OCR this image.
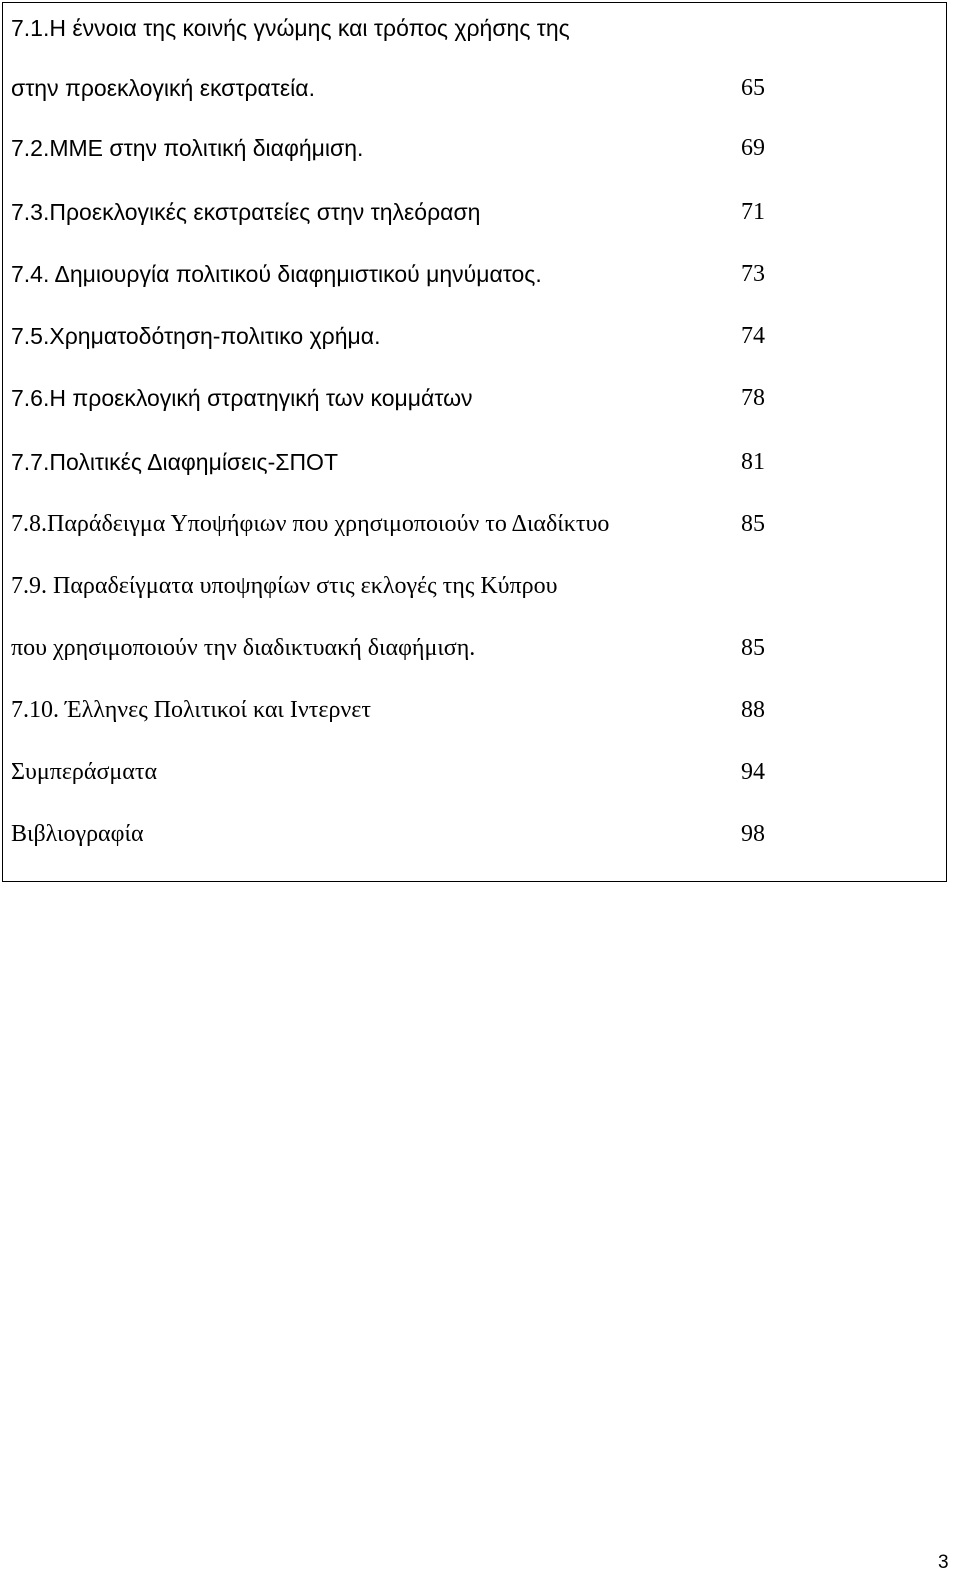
7.1.Η έννοια της κοινής γνώμης και τρόπος χρήσης της
στην προεκλογική εκστρατεία.	65
7.2.ΜΜΕ στην πολιτική διαφήμιση.	69
7.3.Προεκλογικές εκστρατείες στην τηλεόραση	71
7.4. Δημιουργία πολιτικού διαφημιστικού μηνύματος.	73
7.5.Χρηματοδότηση-πολιτικο χρήμα.	74
7.6.Η προεκλογική στρατηγική των κομμάτων	78
7.7.Πολιτικές Διαφημίσεις-ΣΠΟΤ	81
7.8.Παράδειγμα Υποψήφιων που χρησιμοποιούν το Διαδίκτυο	85
7.9. Παραδείγματα υποψηφίων στις εκλογές της Κύπρου
που χρησιμοποιούν την διαδικτυακή διαφήμιση.	85
7.10. Έλληνες Πολιτικοί και Ιντερνετ	88
Συμπεράσματα	94
Βιβλιογραφία	98
3
